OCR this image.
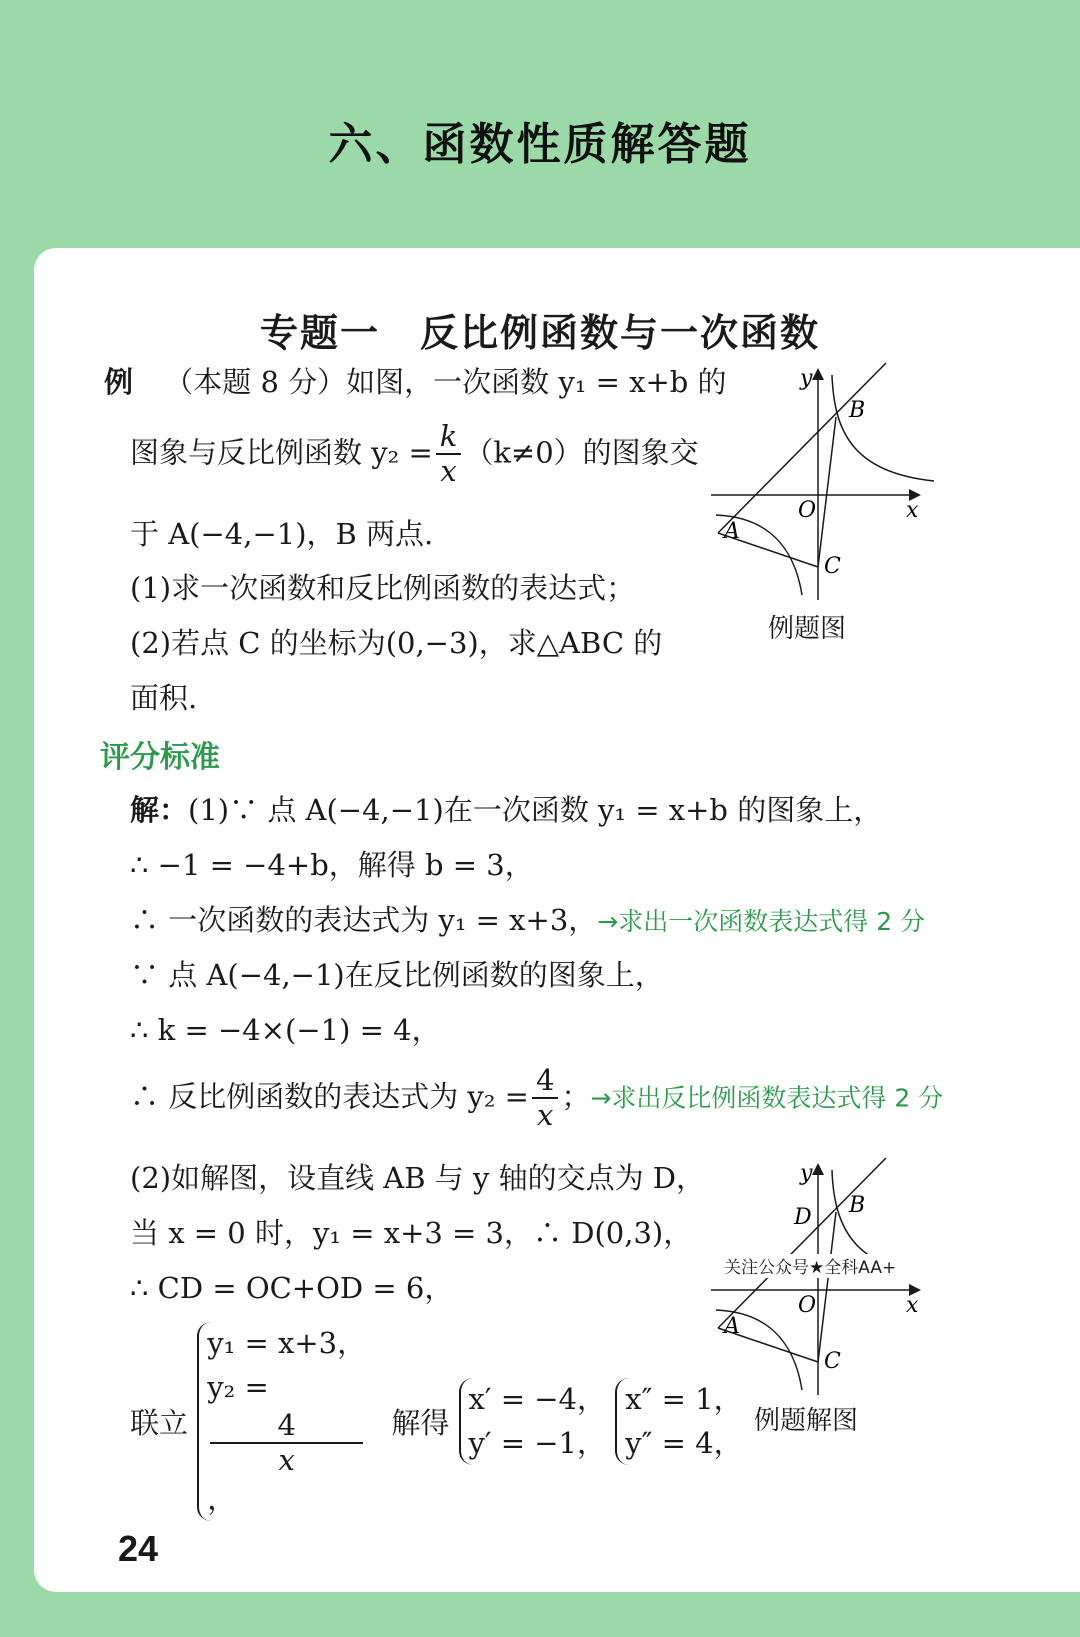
六、函数性质解答题
专题一　反比例函数与一次函数
例 （本题 8 分）如图，一次函数 y₁ = x+b 的
图象与反比例函数 $y_2 = \frac{k}{x} (k\ne 0)$的图象交
于 A(−4,−1)，B 两点.
(1)求一次函数和反比例函数的表达式；
(2)若点 C 的坐标为(0,−3)，求△ABC 的
面积.
y
x
O
A
B
C
例题图
评分标准
解：(1)∵ 点 A(−4,−1)在一次函数 y₁ = x+b 的图象上，
∴ −1 = −4+b，解得 b = 3，
∴ 一次函数的表达式为 y₁ = x+3，→求出一次函数表达式得 2 分
∵ 点 A(−4,−1)在反比例函数的图象上，
∴ k = −4×(−1) = 4，
∴ 反比例函数的表达式为 $y_2 = \frac{4}{x}$ ；→求出反比例函数表达式得 2 分
(2)如解图，设直线 AB 与 y 轴的交点为 D，
当 x = 0 时，y₁ = x+3 = 3，∴ D(0,3)，
∴ CD = OC+OD = 6，
联立
y₁ = x+3，
y₂ =
4
x
，
解得
x′ = −4，
y′ = −1，

x″ = 1，
y″ = 4，
关注公众号★全科AA+
y
x
O
A
B
C
D
例题解图
24
